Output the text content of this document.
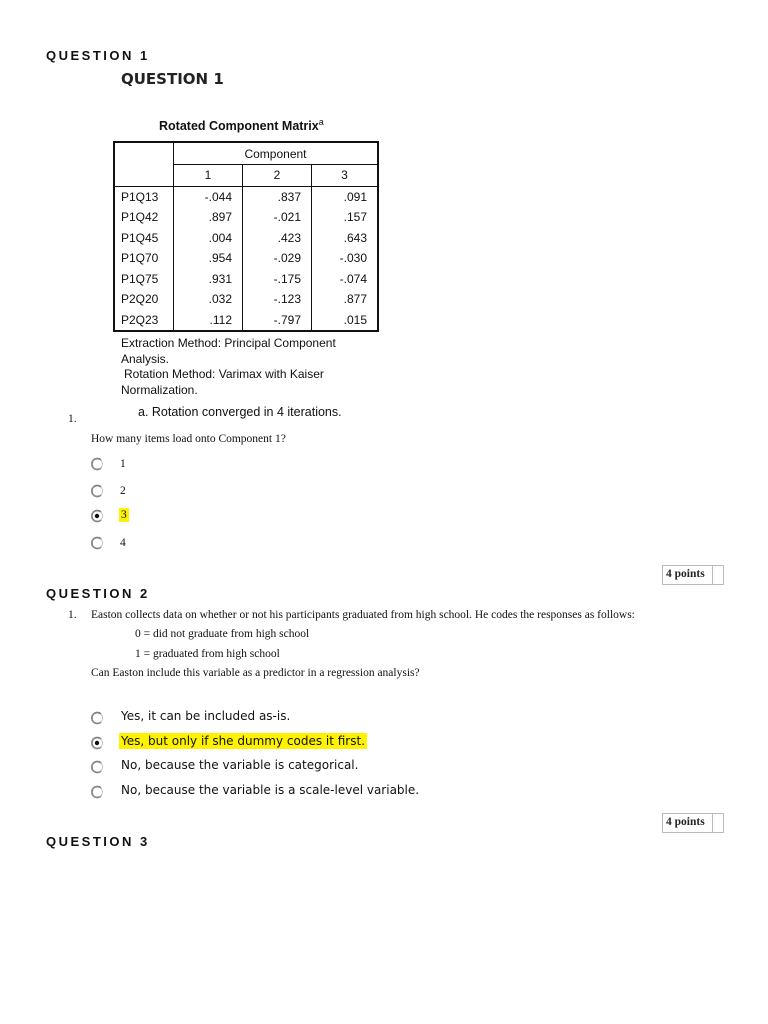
QUESTION 1
QUESTION 1
Rotated Component Matrix$^a$
	Component		
	1	2	3
P1Q13	-.044	.837	.091
P1Q42	.897	-.021	.157
P1Q45	.004	.423	.643
P1Q70	.954	-.029	-.030
P1Q75	.931	-.175	-.074
P2Q20	.032	-.123	.877
P2Q23	.112	-.797	.015
Extraction Method: Principal Component
Analysis.
Rotation Method: Varimax with Kaiser
Normalization.
a. Rotation converged in 4 iterations.
1.
How many items load onto Component 1?
1
2
3
4
4 points
QUESTION 2
1. Easton collects data on whether or not his participants graduated from high school. He codes the responses as follows:
0 = did not graduate from high school
1 = graduated from high school
Can Easton include this variable as a predictor in a regression analysis?
Yes, it can be included as-is.
Yes, but only if she dummy codes it first.
No, because the variable is categorical.
No, because the variable is a scale-level variable.
4 points
QUESTION 3
